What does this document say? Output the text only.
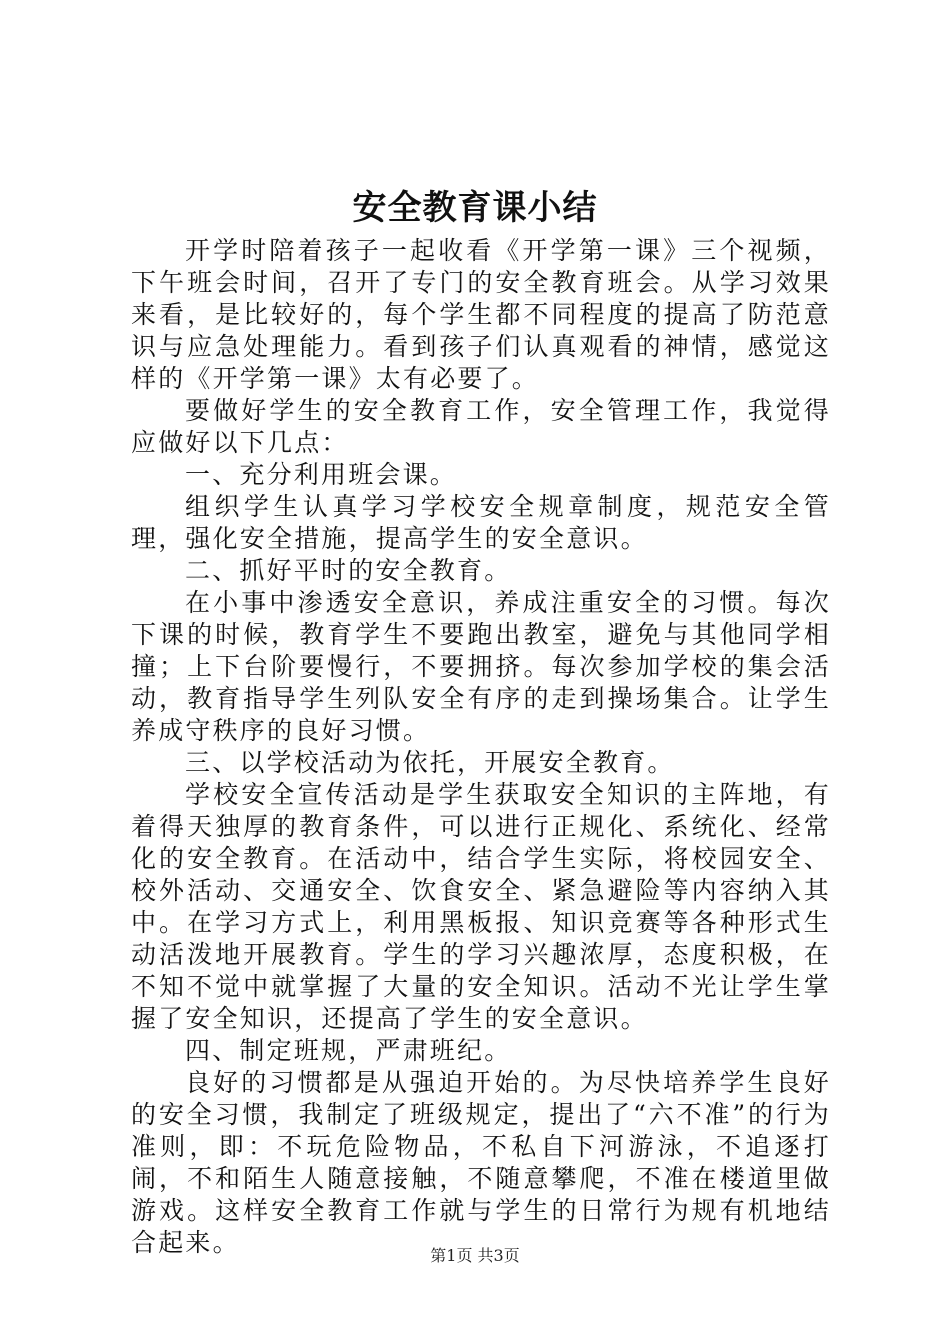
安全教育课小结

开学时陪着孩子一起收看《开学第一课》三个视频，下午班会时间，召开了专门的安全教育班会。从学习效果来看，是比较好的，每个学生都不同程度的提高了防范意识与应急处理能力。看到孩子们认真观看的神情，感觉这样的《开学第一课》太有必要了。

要做好学生的安全教育工作，安全管理工作，我觉得应做好以下几点：

一、充分利用班会课。

组织学生认真学习学校安全规章制度，规范安全管理，强化安全措施，提高学生的安全意识。

二、抓好平时的安全教育。

在小事中渗透安全意识，养成注重安全的习惯。每次下课的时候，教育学生不要跑出教室，避免与其他同学相撞；上下台阶要慢行，不要拥挤。每次参加学校的集会活动，教育指导学生列队安全有序的走到操场集合。让学生养成守秩序的良好习惯。

三、以学校活动为依托，开展安全教育。

学校安全宣传活动是学生获取安全知识的主阵地，有着得天独厚的教育条件，可以进行正规化、系统化、经常化的安全教育。在活动中，结合学生实际，将校园安全、校外活动、交通安全、饮食安全、紧急避险等内容纳入其中。在学习方式上，利用黑板报、知识竞赛等各种形式生动活泼地开展教育。学生的学习兴趣浓厚，态度积极，在不知不觉中就掌握了大量的安全知识。活动不光让学生掌握了安全知识，还提高了学生的安全意识。

四、制定班规，严肃班纪。

良好的习惯都是从强迫开始的。为尽快培养学生良好的安全习惯，我制定了班级规定，提出了“六不准”的行为准则，即：不玩危险物品，不私自下河游泳，不追逐打闹，不和陌生人随意接触，不随意攀爬，不准在楼道里做游戏。这样安全教育工作就与学生的日常行为规有机地结合起来。	第1页 共3页
